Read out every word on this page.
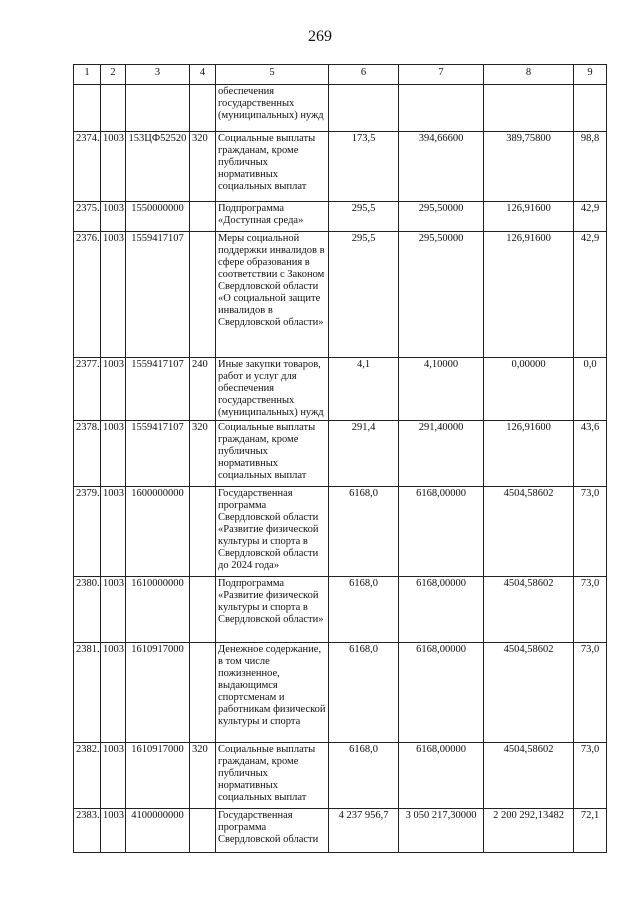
269
1	2	3	4	5	6	7	8	9
				обеспечения государственных (муниципальных) нужд				
2374.	1003	153ЦФ52520	320	Социальные выплаты гражданам, кроме публичных нормативных социальных выплат	173,5	394,66600	389,75800	98,8
2375.	1003	1550000000		Подпрограмма «Доступная среда»	295,5	295,50000	126,91600	42,9
2376.	1003	1559417107		Меры социальной поддержки инвалидов в сфере образования в соответствии с Законом Свердловской области «О социальной защите инвалидов в Свердловской области»	295,5	295,50000	126,91600	42,9
2377.	1003	1559417107	240	Иные закупки товаров, работ и услуг для обеспечения государственных (муниципальных) нужд	4,1	4,10000	0,00000	0,0
2378.	1003	1559417107	320	Социальные выплаты гражданам, кроме публичных нормативных социальных выплат	291,4	291,40000	126,91600	43,6
2379.	1003	1600000000		Государственная программа Свердловской области «Развитие физической культуры и спорта в Свердловской области до 2024 года»	6168,0	6168,00000	4504,58602	73,0
2380.	1003	1610000000		Подпрограмма «Развитие физической культуры и спорта в Свердловской области»	6168,0	6168,00000	4504,58602	73,0
2381.	1003	1610917000		Денежное содержание, в том числе пожизненное, выдающимся спортсменам и работникам физической культуры и спорта	6168,0	6168,00000	4504,58602	73,0
2382.	1003	1610917000	320	Социальные выплаты гражданам, кроме публичных нормативных социальных выплат	6168,0	6168,00000	4504,58602	73,0
2383.	1003	4100000000		Государственная программа Свердловской области	4 237 956,7	3 050 217,30000	2 200 292,13482	72,1
